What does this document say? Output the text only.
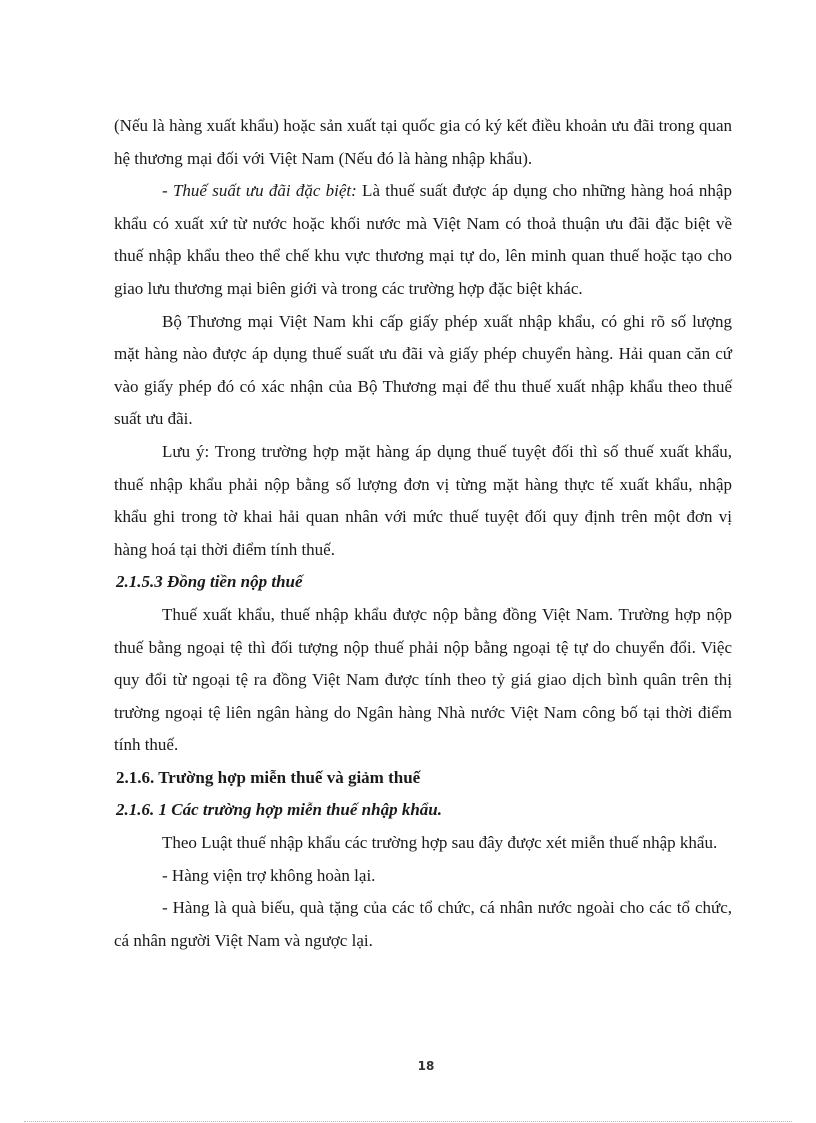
(Nếu là hàng xuất khẩu) hoặc sản xuất tại quốc gia có ký kết điều khoản ưu đãi trong quan hệ thương mại đối với Việt Nam (Nếu đó là hàng nhập khẩu).

- Thuế suất ưu đãi đặc biệt: Là thuế suất được áp dụng cho những hàng hoá nhập khẩu có xuất xứ từ nước hoặc khối nước mà Việt Nam có thoả thuận ưu đãi đặc biệt về thuế nhập khẩu theo thể chế khu vực thương mại tự do, lên minh quan thuế hoặc tạo cho giao lưu thương mại biên giới và trong các trường hợp đặc biệt khác.

Bộ Thương mại Việt Nam khi cấp giấy phép xuất nhập khẩu, có ghi rõ số lượng mặt hàng nào được áp dụng thuế suất ưu đãi và giấy phép chuyển hàng. Hải quan căn cứ vào giấy phép đó có xác nhận của Bộ Thương mại để thu thuế xuất nhập khẩu theo thuế suất ưu đãi.

Lưu ý: Trong trường hợp mặt hàng áp dụng thuế tuyệt đối thì số thuế xuất khẩu, thuế nhập khẩu phải nộp bằng số lượng đơn vị từng mặt hàng thực tế xuất khẩu, nhập khẩu ghi trong tờ khai hải quan nhân với mức thuế tuyệt đối quy định trên một đơn vị hàng hoá tại thời điểm tính thuế.

2.1.5.3 Đồng tiền nộp thuế

Thuế xuất khẩu, thuế nhập khẩu được nộp bằng đồng Việt Nam. Trường hợp nộp thuế bằng ngoại tệ thì đối tượng nộp thuế phải nộp bằng ngoại tệ tự do chuyển đổi. Việc quy đổi từ ngoại tệ ra đồng Việt Nam được tính theo tỷ giá giao dịch bình quân trên thị trường ngoại tệ liên ngân hàng do Ngân hàng Nhà nước Việt Nam công bố tại thời điểm tính thuế.

2.1.6. Trường hợp miễn thuế và giảm thuế

2.1.6. 1 Các trường hợp miễn thuế nhập khẩu.

Theo Luật thuế nhập khẩu các trường hợp sau đây được xét miễn thuế nhập khẩu.

- Hàng viện trợ không hoàn lại.

- Hàng là quà biếu, quà tặng của các tổ chức, cá nhân nước ngoài cho các tổ chức, cá nhân người Việt Nam và ngược lại.

18
